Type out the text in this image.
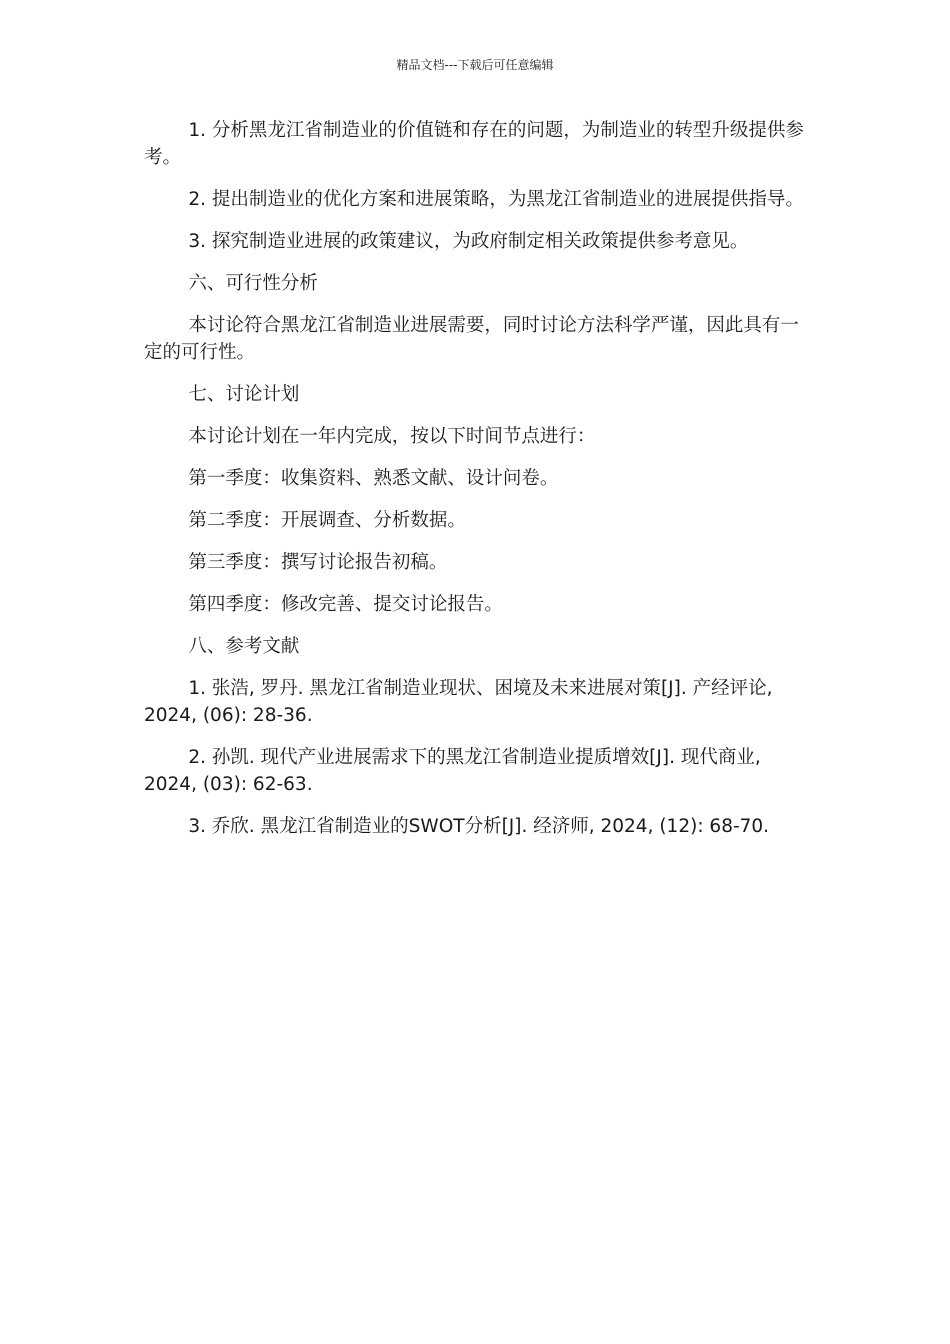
精品文档---下载后可任意编辑

1. 分析黑龙江省制造业的价值链和存在的问题，为制造业的转型升级提供参考。

2. 提出制造业的优化方案和进展策略，为黑龙江省制造业的进展提供指导。

3. 探究制造业进展的政策建议，为政府制定相关政策提供参考意见。

六、可行性分析

本讨论符合黑龙江省制造业进展需要，同时讨论方法科学严谨，因此具有一定的可行性。

七、讨论计划

本讨论计划在一年内完成，按以下时间节点进行：

第一季度：收集资料、熟悉文献、设计问卷。

第二季度：开展调查、分析数据。

第三季度：撰写讨论报告初稿。

第四季度：修改完善、提交讨论报告。

八、参考文献

1. 张浩, 罗丹. 黑龙江省制造业现状、困境及未来进展对策[J]. 产经评论, 2024, (06): 28-36.

2. 孙凯. 现代产业进展需求下的黑龙江省制造业提质增效[J]. 现代商业, 2024, (03): 62-63.

3. 乔欣. 黑龙江省制造业的SWOT分析[J]. 经济师, 2024, (12): 68-70.
